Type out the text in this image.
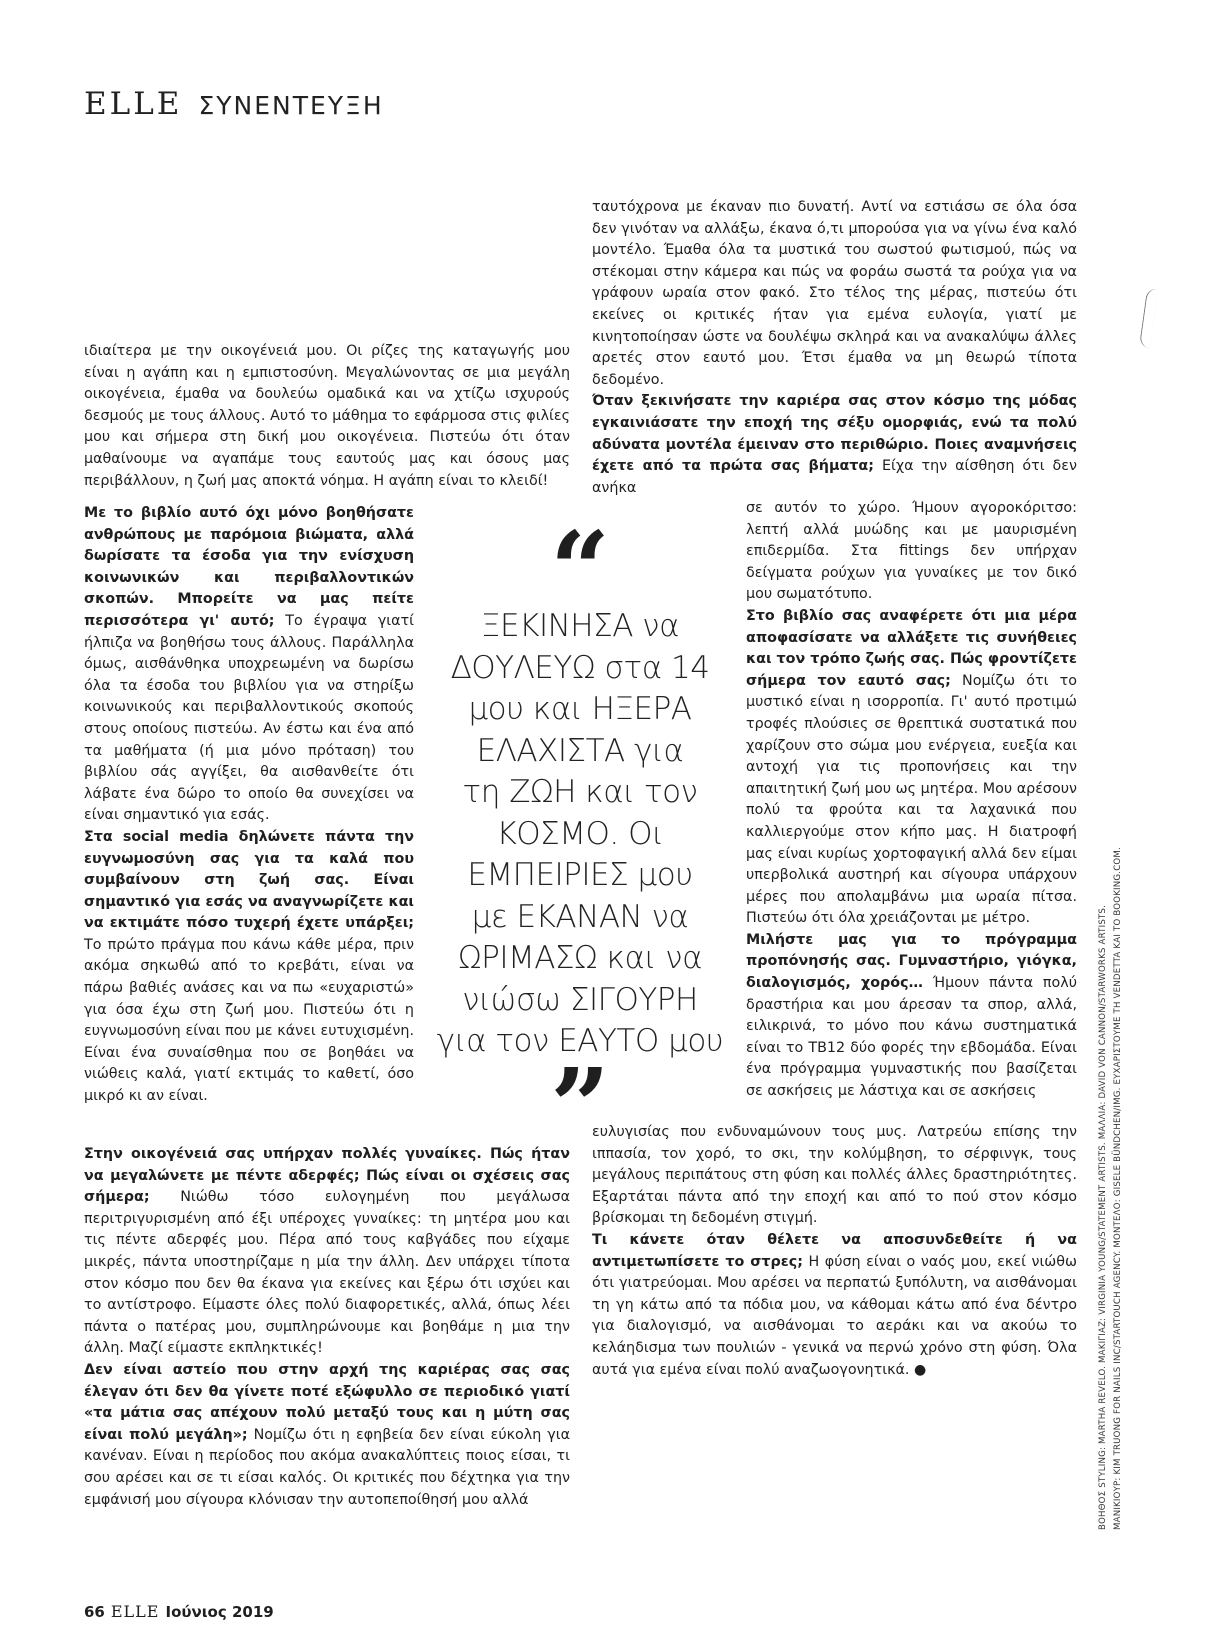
ELLE ΣΥΝΕΝΤΕΥΞΗ

ιδιαίτερα με την οικογένειά μου. Οι ρίζες της καταγωγής μου είναι η αγάπη και η εμπιστοσύνη. Μεγαλώνοντας σε μια μεγάλη οικογένεια, έμαθα να δουλεύω ομαδικά και να χτίζω ισχυρούς δεσμούς με τους άλλους. Αυτό το μάθημα το εφάρμοσα στις φιλίες μου και σήμερα στη δική μου οικογένεια. Πιστεύω ότι όταν μαθαίνουμε να αγαπάμε τους εαυτούς μας και όσους μας περιβάλλουν, η ζωή μας αποκτά νόημα. Η αγάπη είναι το κλειδί!

Με το βιβλίο αυτό όχι μόνο βοηθήσατε ανθρώπους με παρόμοια βιώματα, αλλά δωρίσατε τα έσοδα για την ενίσχυση κοινωνικών και περιβαλλοντικών σκοπών. Μπορείτε να μας πείτε περισσότερα γι' αυτό; Το έγραψα γιατί ήλπιζα να βοηθήσω τους άλλους. Παράλληλα όμως, αισθάνθηκα υποχρεωμένη να δωρίσω όλα τα έσοδα του βιβλίου για να στηρίξω κοινωνικούς και περιβαλλοντικούς σκοπούς στους οποίους πιστεύω. Αν έστω και ένα από τα μαθήματα (ή μια μόνο πρόταση) του βιβλίου σάς αγγίξει, θα αισθανθείτε ότι λάβατε ένα δώρο το οποίο θα συνεχίσει να είναι σημαντικό για εσάς.

Στα social media δηλώνετε πάντα την ευγνωμοσύνη σας για τα καλά που συμβαίνουν στη ζωή σας. Είναι σημαντικό για εσάς να αναγνωρίζετε και να εκτιμάτε πόσο τυχερή έχετε υπάρξει; Το πρώτο πράγμα που κάνω κάθε μέρα, πριν ακόμα σηκωθώ από το κρεβάτι, είναι να πάρω βαθιές ανάσες και να πω «ευχαριστώ» για όσα έχω στη ζωή μου. Πιστεύω ότι η ευγνωμοσύνη είναι που με κάνει ευτυχισμένη. Είναι ένα συναίσθημα που σε βοηθάει να νιώθεις καλά, γιατί εκτιμάς το καθετί, όσο μικρό κι αν είναι.

Στην οικογένειά σας υπήρχαν πολλές γυναίκες. Πώς ήταν να μεγαλώνετε με πέντε αδερφές; Πώς είναι οι σχέσεις σας σήμερα; Νιώθω τόσο ευλογημένη που μεγάλωσα περιτριγυρισμένη από έξι υπέροχες γυναίκες: τη μητέρα μου και τις πέντε αδερφές μου. Πέρα από τους καβγάδες που είχαμε μικρές, πάντα υποστηρίζαμε η μία την άλλη. Δεν υπάρχει τίποτα στον κόσμο που δεν θα έκανα για εκείνες και ξέρω ότι ισχύει και το αντίστροφο. Είμαστε όλες πολύ διαφορετικές, αλλά, όπως λέει πάντα ο πατέρας μου, συμπληρώνουμε και βοηθάμε η μια την άλλη. Μαζί είμαστε εκπληκτικές!

Δεν είναι αστείο που στην αρχή της καριέρας σας σας έλεγαν ότι δεν θα γίνετε ποτέ εξώφυλλο σε περιοδικό γιατί «τα μάτια σας απέχουν πολύ μεταξύ τους και η μύτη σας είναι πολύ μεγάλη»; Νομίζω ότι η εφηβεία δεν είναι εύκολη για κανέναν. Είναι η περίοδος που ακόμα ανακαλύπτεις ποιος είσαι, τι σου αρέσει και σε τι είσαι καλός. Οι κριτικές που δέχτηκα για την εμφάνισή μου σίγουρα κλόνισαν την αυτοπεποίθησή μου αλλά

ταυτόχρονα με έκαναν πιο δυνατή. Αντί να εστιάσω σε όλα όσα δεν γινόταν να αλλάξω, έκανα ό,τι μπορούσα για να γίνω ένα καλό μοντέλο. Έμαθα όλα τα μυστικά του σωστού φωτισμού, πώς να στέκομαι στην κάμερα και πώς να φοράω σωστά τα ρούχα για να γράφουν ωραία στον φακό. Στο τέλος της μέρας, πιστεύω ότι εκείνες οι κριτικές ήταν για εμένα ευλογία, γιατί με κινητοποίησαν ώστε να δουλέψω σκληρά και να ανακαλύψω άλλες αρετές στον εαυτό μου. Έτσι έμαθα να μη θεωρώ τίποτα δεδομένο.

Όταν ξεκινήσατε την καριέρα σας στον κόσμο της μόδας εγκαινιάσατε την εποχή της σέξυ ομορφιάς, ενώ τα πολύ αδύνατα μοντέλα έμειναν στο περιθώριο. Ποιες αναμνήσεις έχετε από τα πρώτα σας βήματα; Είχα την αίσθηση ότι δεν ανήκα

σε αυτόν το χώρο. Ήμουν αγοροκόριτσο: λεπτή αλλά μυώδης και με μαυρισμένη επιδερμίδα. Στα fittings δεν υπήρχαν δείγματα ρούχων για γυναίκες με τον δικό μου σωματότυπο.

Στο βιβλίο σας αναφέρετε ότι μια μέρα αποφασίσατε να αλλάξετε τις συνήθειες και τον τρόπο ζωής σας. Πώς φροντίζετε σήμερα τον εαυτό σας; Νομίζω ότι το μυστικό είναι η ισορροπία. Γι' αυτό προτιμώ τροφές πλούσιες σε θρεπτικά συστατικά που χαρίζουν στο σώμα μου ενέργεια, ευεξία και αντοχή για τις προπονήσεις και την απαιτητική ζωή μου ως μητέρα. Μου αρέσουν πολύ τα φρούτα και τα λαχανικά που καλλιεργούμε στον κήπο μας. Η διατροφή μας είναι κυρίως χορτοφαγική αλλά δεν είμαι υπερβολικά αυστηρή και σίγουρα υπάρχουν μέρες που απολαμβάνω μια ωραία πίτσα. Πιστεύω ότι όλα χρειάζονται με μέτρο.

Μιλήστε μας για το πρόγραμμα προπόνησής σας. Γυμναστήριο, γιόγκα, διαλογισμός, χορός… Ήμουν πάντα πολύ δραστήρια και μου άρεσαν τα σπορ, αλλά, ειλικρινά, το μόνο που κάνω συστηματικά είναι το TB12 δύο φορές την εβδομάδα. Είναι ένα πρόγραμμα γυμναστικής που βασίζεται σε ασκήσεις με λάστιχα και σε ασκήσεις

ευλυγισίας που ενδυναμώνουν τους μυς. Λατρεύω επίσης την ιππασία, τον χορό, το σκι, την κολύμβηση, το σέρφινγκ, τους μεγάλους περιπάτους στη φύση και πολλές άλλες δραστηριότητες. Εξαρτάται πάντα από την εποχή και από το πού στον κόσμο βρίσκομαι τη δεδομένη στιγμή.

Τι κάνετε όταν θέλετε να αποσυνδεθείτε ή να αντιμετωπίσετε το στρες; Η φύση είναι ο ναός μου, εκεί νιώθω ότι γιατρεύομαι. Μου αρέσει να περπατώ ξυπόλυτη, να αισθάνομαι τη γη κάτω από τα πόδια μου, να κάθομαι κάτω από ένα δέντρο για διαλογισμό, να αισθάνομαι το αεράκι και να ακούω το κελάηδισμα των πουλιών - γενικά να περνώ χρόνο στη φύση. Όλα αυτά για εμένα είναι πολύ αναζωογονητικά. ●

“
ΞΕΚΙΝΗΣΑ να
ΔΟΥΛΕΥΩ στα 14
μου και ΗΞΕΡΑ
ΕΛΑΧΙΣΤΑ για
τη ΖΩΗ και τον
ΚΟΣΜΟ. Οι
ΕΜΠΕΙΡΙΕΣ μου
με ΕΚΑΝΑΝ να
ΩΡΙΜΑΣΩ και να
νιώσω ΣΙΓΟΥΡΗ
για τον ΕΑΥΤΟ μου
”
66 ELLE Ιούνιος 2019
ΒΟΗΘΟΣ STYLING: MARTHA REVELO. ΜΑΚΙΓΙΑΖ: VIRGINIA YOUNG/STATEMENT ARTISTS. ΜΑΛΛΙΑ: DAVID VON CANNON/STARWORKS ARTISTS. ΜΑΝΙΚΙΟΥΡ: KIM TRUONG FOR NAILS INC/STARTOUCH AGENCY. ΜΟΝΤΕΛΟ: GISELE BÜNDCHEN/IMG. ΕΥΧΑΡΙΣΤΟΥΜΕ ΤΗ VENDETTA ΚΑΙ ΤΟ BOOKING.COM.
